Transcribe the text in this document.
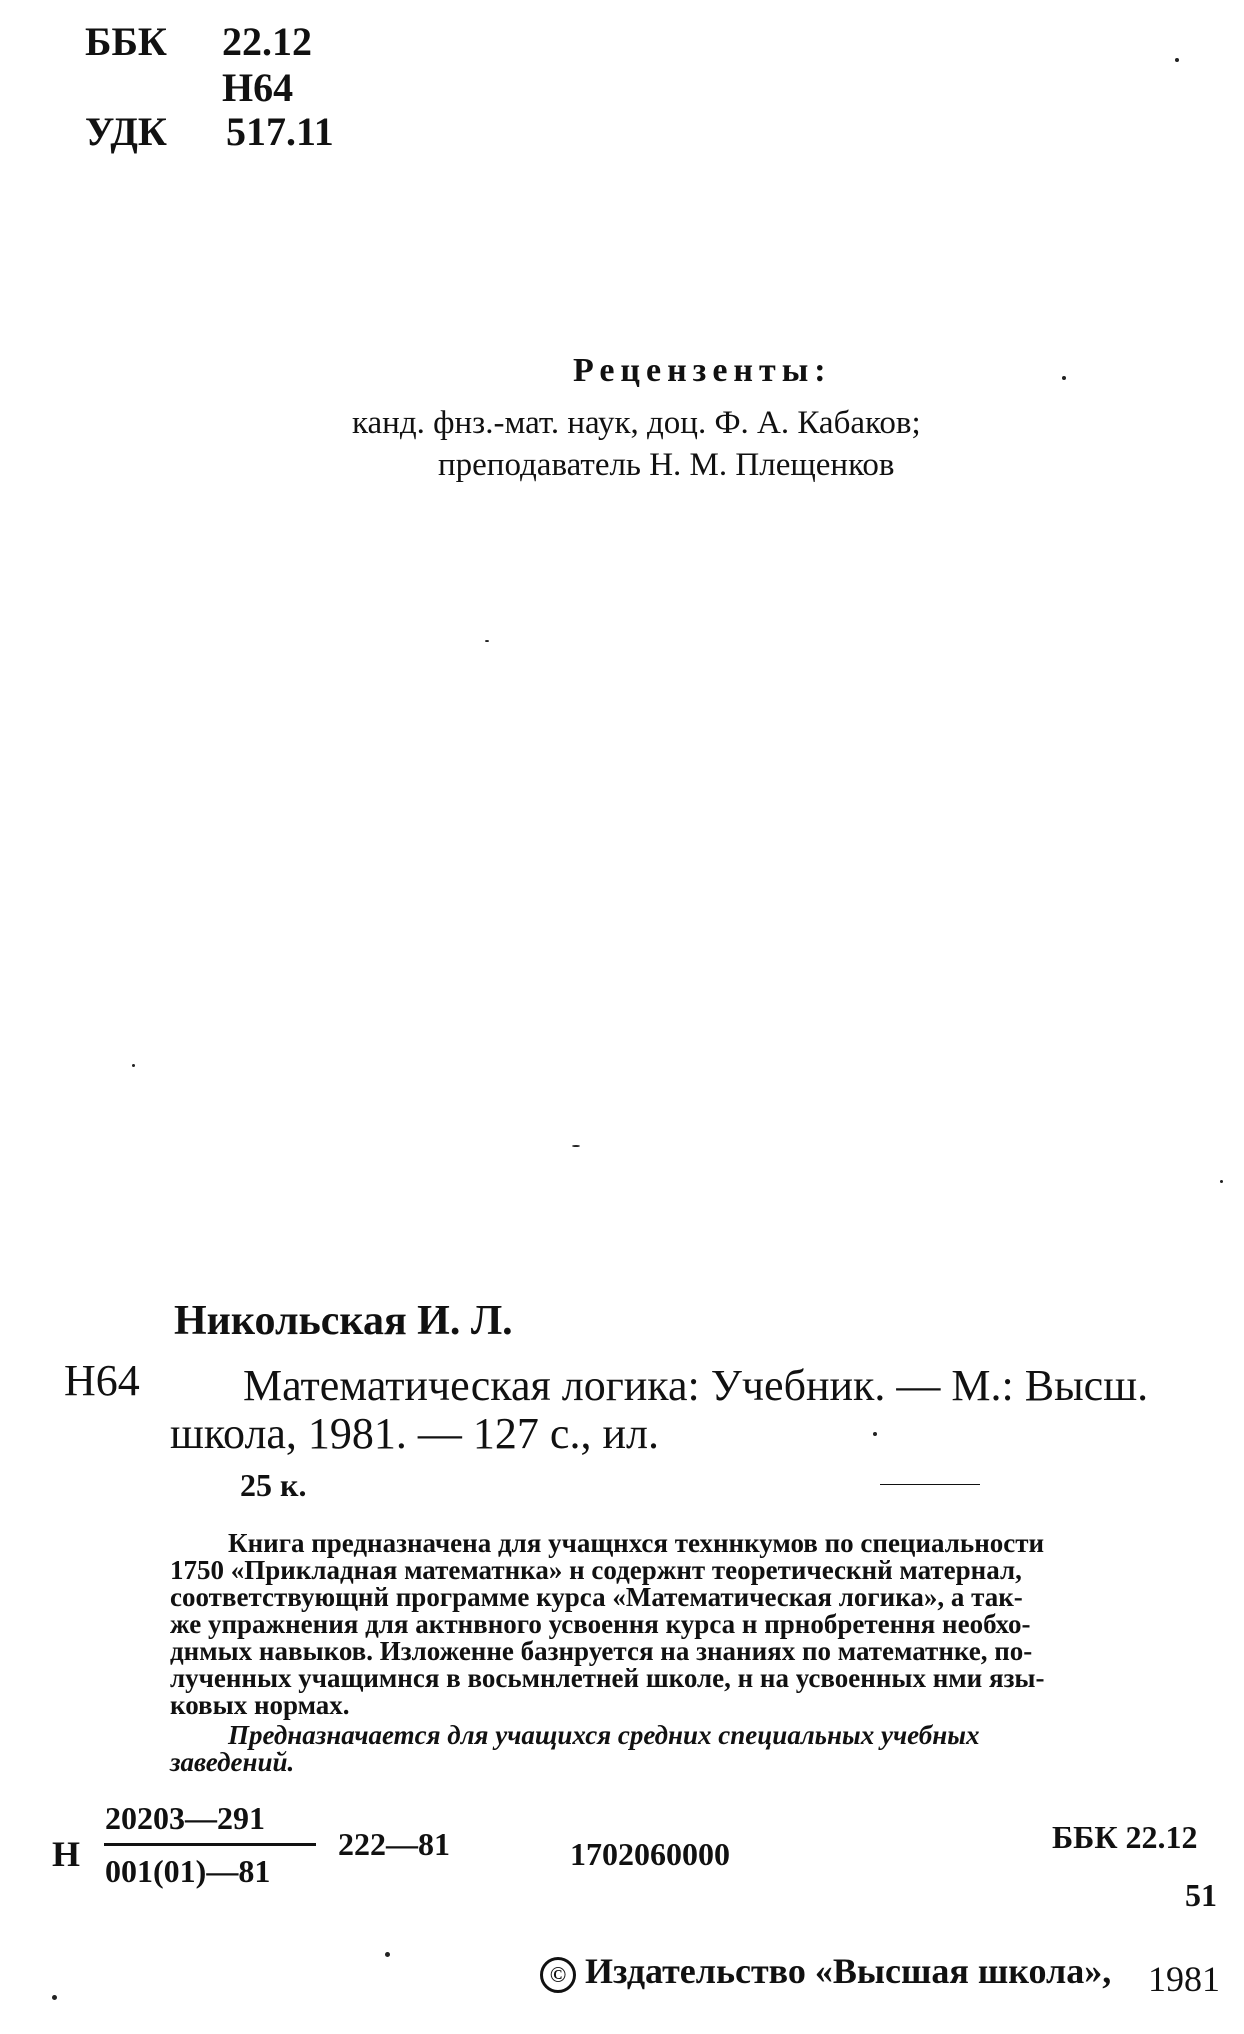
ББК 22.12
Н64
УДК 517.11
Рецензенты:
канд. фнз.-мат. наук, доц. Ф. А. Кабаков;
преподаватель Н. М. Плещенков
Никольская И. Л.
Н64 Математическая логика: Учебник. — М.: Высш.
школа, 1981. — 127 с., ил.
25 к.
Книга предназначена для учащнхся техннкумов по специальности
1750 «Прикладная математнка» н содержнт теоретическнй матернал,
соответствующнй программе курса «Математическая логика», а так-
же упражнения для актнвного усвоення курса н прнобретення необхо-
днмых навыков. Изложенне базнруется на знаниях по математнке, по-
лученных учащимнся в восьмнлетней школе, н на усвоенных нми язы-
ковых нормах.
Предназначается для учащихся средних специальных учебных
заведений.
Н
20203—291
001(01)—81
222—81	1702060000	ББК 22.12
51
© Издательство «Высшая школа», 1981
